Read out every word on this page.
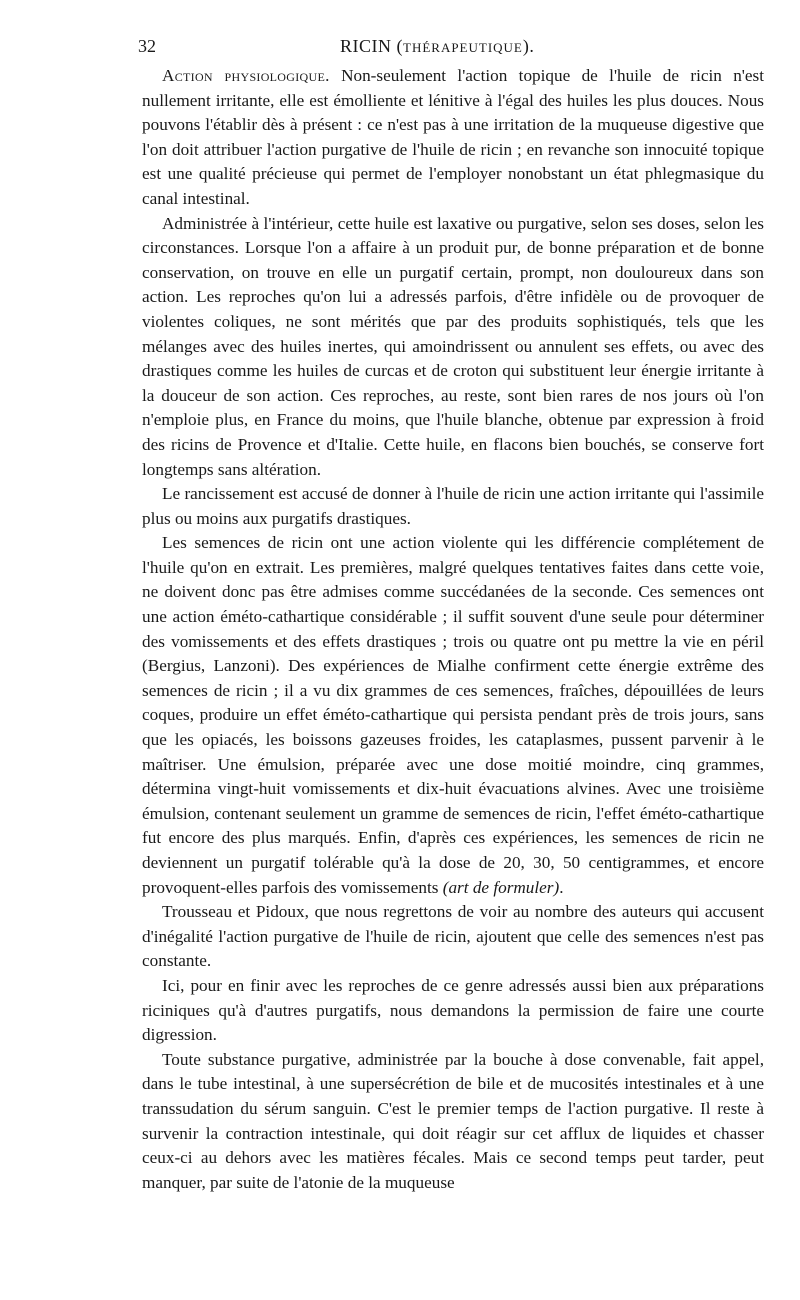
32	RICIN (THÉRAPEUTIQUE).

Action physiologique. Non-seulement l'action topique de l'huile de ricin n'est nullement irritante, elle est émolliente et lénitive à l'égal des huiles les plus douces. Nous pouvons l'établir dès à présent : ce n'est pas à une irritation de la muqueuse digestive que l'on doit attribuer l'action purgative de l'huile de ricin ; en revanche son innocuité topique est une qualité précieuse qui permet de l'employer nonobstant un état phlegmasique du canal intestinal.

Administrée à l'intérieur, cette huile est laxative ou purgative, selon ses doses, selon les circonstances. Lorsque l'on a affaire à un produit pur, de bonne préparation et de bonne conservation, on trouve en elle un purgatif certain, prompt, non douloureux dans son action. Les reproches qu'on lui a adressés parfois, d'être infidèle ou de provoquer de violentes coliques, ne sont mérités que par des produits sophistiqués, tels que les mélanges avec des huiles inertes, qui amoindrissent ou annulent ses effets, ou avec des drastiques comme les huiles de curcas et de croton qui substituent leur énergie irritante à la douceur de son action. Ces reproches, au reste, sont bien rares de nos jours où l'on n'emploie plus, en France du moins, que l'huile blanche, obtenue par expression à froid des ricins de Provence et d'Italie. Cette huile, en flacons bien bouchés, se conserve fort longtemps sans altération.

Le rancissement est accusé de donner à l'huile de ricin une action irritante qui l'assimile plus ou moins aux purgatifs drastiques.

Les semences de ricin ont une action violente qui les différencie complétement de l'huile qu'on en extrait. Les premières, malgré quelques tentatives faites dans cette voie, ne doivent donc pas être admises comme succédanées de la seconde. Ces semences ont une action éméto-cathartique considérable ; il suffit souvent d'une seule pour déterminer des vomissements et des effets drastiques ; trois ou quatre ont pu mettre la vie en péril (Bergius, Lanzoni). Des expériences de Mialhe confirment cette énergie extrême des semences de ricin ; il a vu dix grammes de ces semences, fraîches, dépouillées de leurs coques, produire un effet éméto-cathartique qui persista pendant près de trois jours, sans que les opiacés, les boissons gazeuses froides, les cataplasmes, pussent parvenir à le maîtriser. Une émulsion, préparée avec une dose moitié moindre, cinq grammes, détermina vingt-huit vomissements et dix-huit évacuations alvines. Avec une troisième émulsion, contenant seulement un gramme de semences de ricin, l'effet éméto-cathartique fut encore des plus marqués. Enfin, d'après ces expériences, les semences de ricin ne deviennent un purgatif tolérable qu'à la dose de 20, 30, 50 centigrammes, et encore provoquent-elles parfois des vomissements (art de formuler).

Trousseau et Pidoux, que nous regrettons de voir au nombre des auteurs qui accusent d'inégalité l'action purgative de l'huile de ricin, ajoutent que celle des semences n'est pas constante.

Ici, pour en finir avec les reproches de ce genre adressés aussi bien aux préparations riciniques qu'à d'autres purgatifs, nous demandons la permission de faire une courte digression.

Toute substance purgative, administrée par la bouche à dose convenable, fait appel, dans le tube intestinal, à une supersécrétion de bile et de mucosités intestinales et à une transsudation du sérum sanguin. C'est le premier temps de l'action purgative. Il reste à survenir la contraction intestinale, qui doit réagir sur cet afflux de liquides et chasser ceux-ci au dehors avec les matières fécales. Mais ce second temps peut tarder, peut manquer, par suite de l'atonie de la muqueuse
